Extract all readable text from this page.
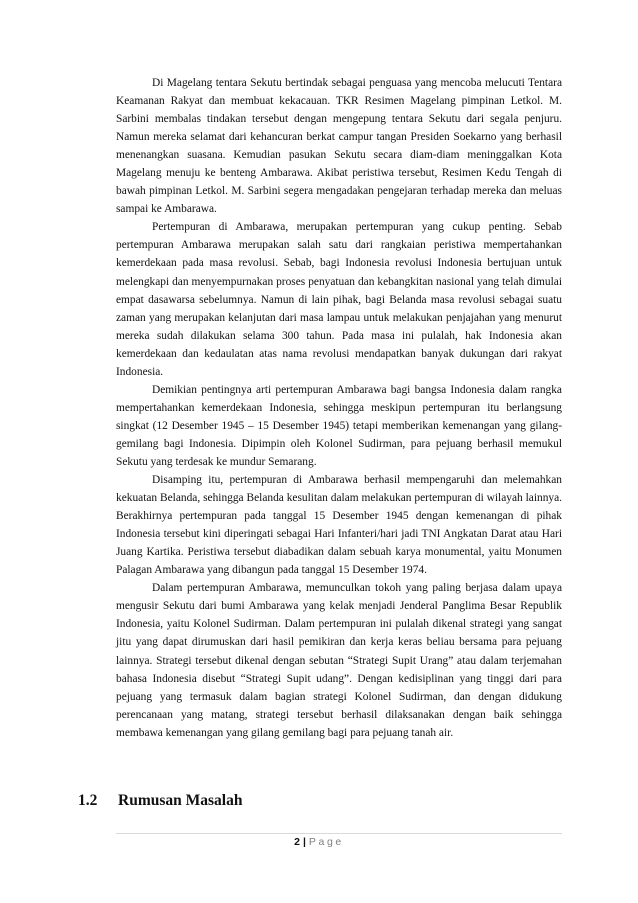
Di Magelang tentara Sekutu bertindak sebagai penguasa yang mencoba melucuti Tentara Keamanan Rakyat dan membuat kekacauan. TKR Resimen Magelang pimpinan Letkol. M. Sarbini membalas tindakan tersebut dengan mengepung tentara Sekutu dari segala penjuru. Namun mereka selamat dari kehancuran berkat campur tangan Presiden Soekarno yang berhasil menenangkan suasana. Kemudian pasukan Sekutu secara diam-diam meninggalkan Kota Magelang menuju ke benteng Ambarawa. Akibat peristiwa tersebut, Resimen Kedu Tengah di bawah pimpinan Letkol. M. Sarbini segera mengadakan pengejaran terhadap mereka dan meluas sampai ke Ambarawa.

Pertempuran di Ambarawa, merupakan pertempuran yang cukup penting. Sebab pertempuran Ambarawa merupakan salah satu dari rangkaian peristiwa mempertahankan kemerdekaan pada masa revolusi. Sebab, bagi Indonesia revolusi Indonesia bertujuan untuk melengkapi dan menyempurnakan proses penyatuan dan kebangkitan nasional yang telah dimulai empat dasawarsa sebelumnya. Namun di lain pihak, bagi Belanda masa revolusi sebagai suatu zaman yang merupakan kelanjutan dari masa lampau untuk melakukan penjajahan yang menurut mereka sudah dilakukan selama 300 tahun. Pada masa ini pulalah, hak Indonesia akan kemerdekaan dan kedaulatan atas nama revolusi mendapatkan banyak dukungan dari rakyat Indonesia.

Demikian pentingnya arti pertempuran Ambarawa bagi bangsa Indonesia dalam rangka mempertahankan kemerdekaan Indonesia, sehingga meskipun pertempuran itu berlangsung singkat (12 Desember 1945 – 15 Desember 1945) tetapi memberikan kemenangan yang gilang-gemilang bagi Indonesia. Dipimpin oleh Kolonel Sudirman, para pejuang berhasil memukul Sekutu yang terdesak ke mundur Semarang.

Disamping itu, pertempuran di Ambarawa berhasil mempengaruhi dan melemahkan kekuatan Belanda, sehingga Belanda kesulitan dalam melakukan pertempuran di wilayah lainnya. Berakhirnya pertempuran pada tanggal 15 Desember 1945 dengan kemenangan di pihak Indonesia tersebut kini diperingati sebagai Hari Infanteri/hari jadi TNI Angkatan Darat atau Hari Juang Kartika. Peristiwa tersebut diabadikan dalam sebuah karya monumental, yaitu Monumen Palagan Ambarawa yang dibangun pada tanggal 15 Desember 1974.

Dalam pertempuran Ambarawa, memunculkan tokoh yang paling berjasa dalam upaya mengusir Sekutu dari bumi Ambarawa yang kelak menjadi Jenderal Panglima Besar Republik Indonesia, yaitu Kolonel Sudirman. Dalam pertempuran ini pulalah dikenal strategi yang sangat jitu yang dapat dirumuskan dari hasil pemikiran dan kerja keras beliau bersama para pejuang lainnya. Strategi tersebut dikenal dengan sebutan “Strategi Supit Urang” atau dalam terjemahan bahasa Indonesia disebut “Strategi Supit udang”. Dengan kedisiplinan yang tinggi dari para pejuang yang termasuk dalam bagian strategi Kolonel Sudirman, dan dengan didukung perencanaan yang matang, strategi tersebut berhasil dilaksanakan dengan baik sehingga membawa kemenangan yang gilang gemilang bagi para pejuang tanah air.

1.2 Rumusan Masalah
2 | Page
